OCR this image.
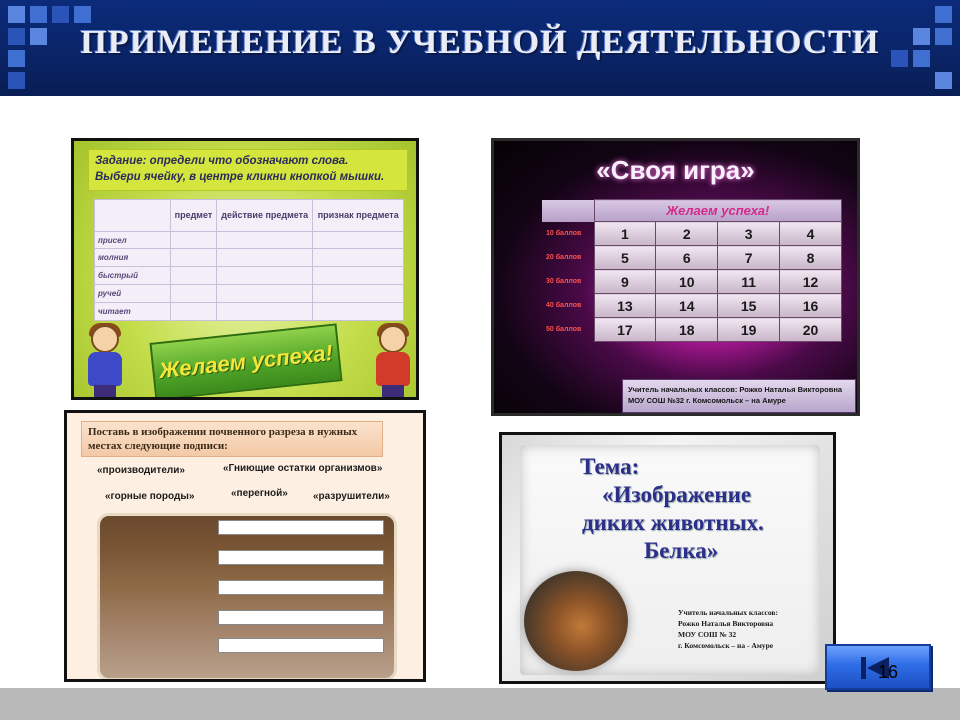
ПРИМЕНЕНИЕ В УЧЕБНОЙ ДЕЯТЕЛЬНОСТИ
Задание: определи что обозначают слова.
Выбери ячейку, в центре кликни кнопкой мышки.
	предмет	действие предмета	признак предмета
присел			
молния			
быстрый			
ручей			
читает			
Желаем успеха!
«Своя игра»
	Желаем успеха!			
10 баллов	1	2	3	4
20 баллов	5	6	7	8
30 баллов	9	10	11	12
40 баллов	13	14	15	16
50 баллов	17	18	19	20
Учитель начальных классов: Рожко Наталья Викторовна
МОУ СОШ №32 г. Комсомольск – на Амуре
Поставь в изображении почвенного разреза в нужных
местах следующие подписи:
«производители»	«Гниющие остатки организмов»
«горные породы»	«перегной»	«разрушители»
Тема:
«Изображение
диких животных.
Белка»
Учитель начальных классов:
Рожко Наталья Викторовна
МОУ СОШ № 32
г. Комсомольск – на - Амуре
16
